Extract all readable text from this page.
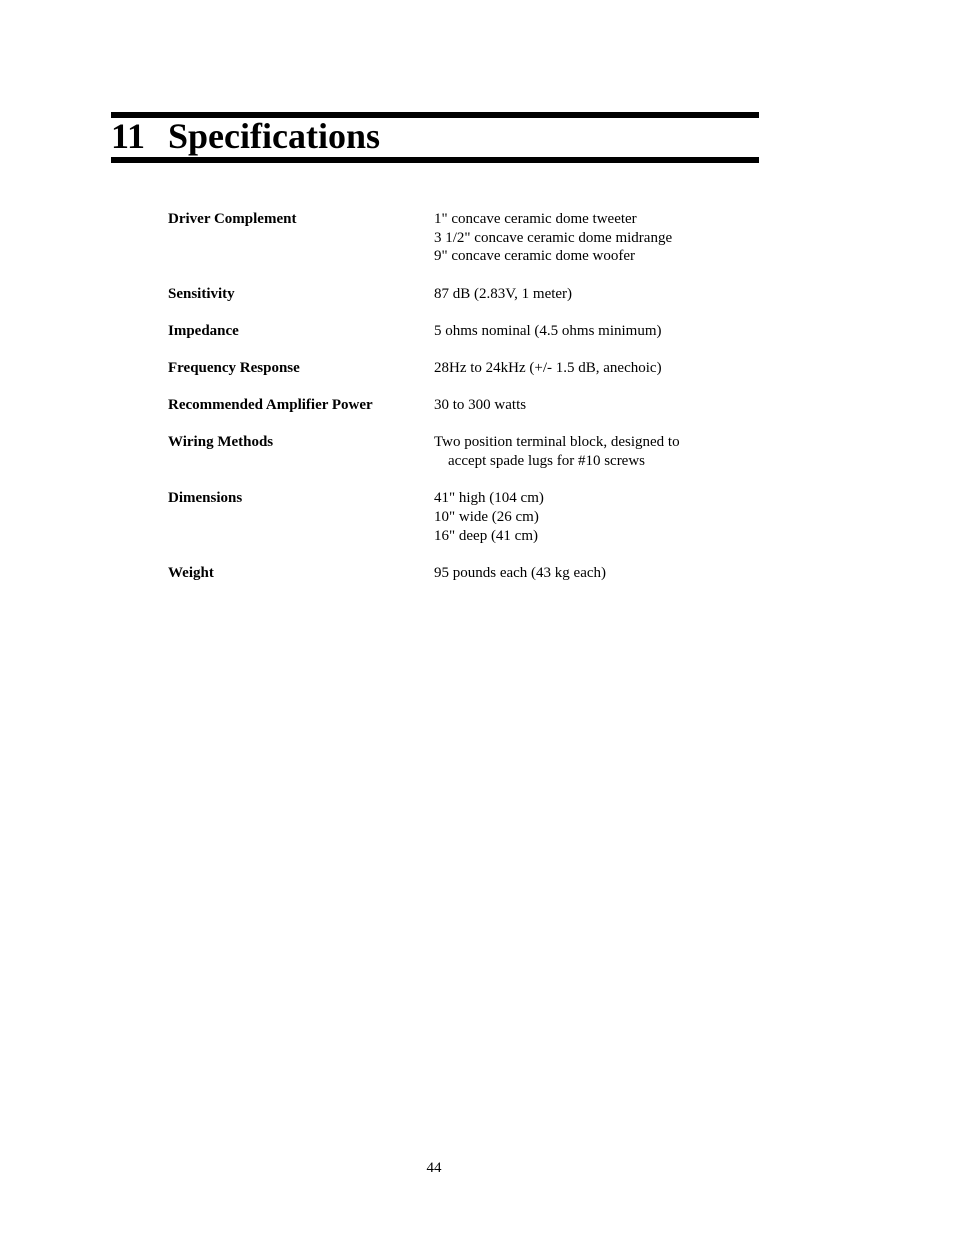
11 Specifications
Driver Complement	1" concave ceramic dome tweeter
3 1/2" concave ceramic dome midrange
9" concave ceramic dome woofer
Sensitivity	87 dB (2.83V, 1 meter)
Impedance	5 ohms nominal (4.5 ohms minimum)
Frequency Response	28Hz to 24kHz (+/- 1.5 dB, anechoic)
Recommended Amplifier Power	30 to 300 watts
Wiring Methods	Two position terminal block, designed to
accept spade lugs for #10 screws
Dimensions	41" high (104 cm)
10" wide (26 cm)
16" deep (41 cm)
Weight	95 pounds each (43 kg each)
44
